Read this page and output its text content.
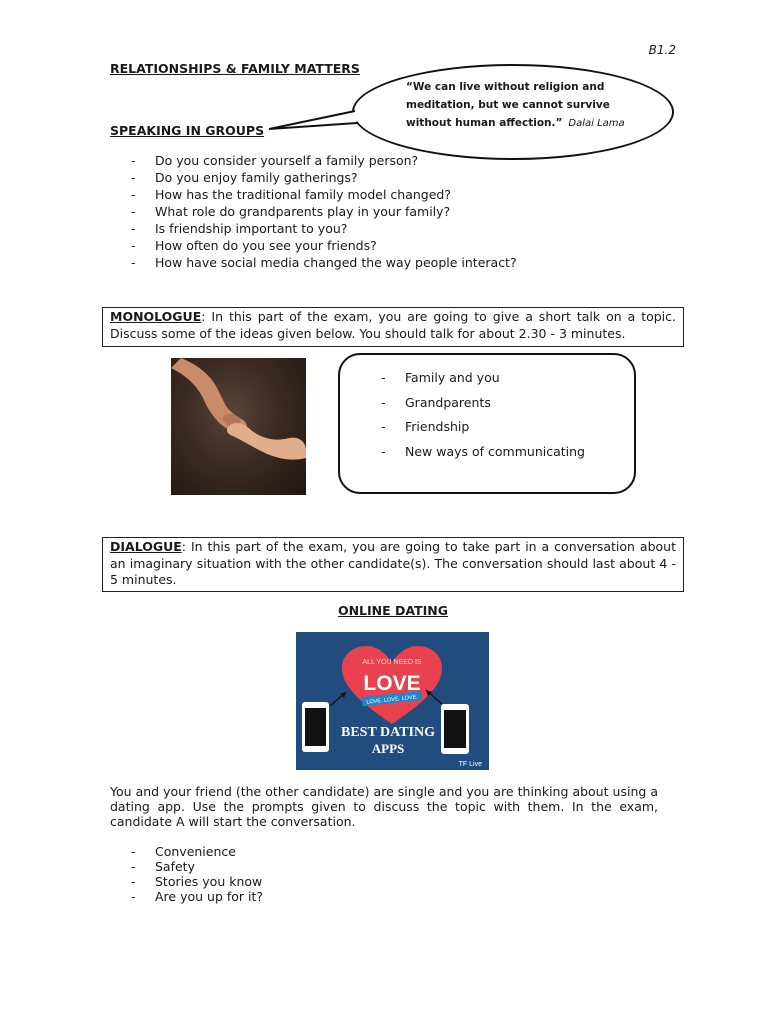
B1.2
RELATIONSHIPS & FAMILY MATTERS
“We can live without religion and meditation, but we cannot survive without human affection.” Dalai Lama
SPEAKING IN GROUPS
- Do you consider yourself a family person?
- Do you enjoy family gatherings?
- How has the traditional family model changed?
- What role do grandparents play in your family?
- Is friendship important to you?
- How often do you see your friends?
- How have social media changed the way people interact?
MONOLOGUE: In this part of the exam, you are going to give a short talk on a topic. Discuss some of the ideas given below. You should talk for about 2.30 - 3 minutes.
- Family and you
- Grandparents
- Friendship
- New ways of communicating
DIALOGUE: In this part of the exam, you are going to take part in a conversation about an imaginary situation with the other candidate(s). The conversation should last about 4 - 5 minutes.
ONLINE DATING
ALL YOU NEED IS
LOVE
LOVE. LOVE. LOVE.
BEST DATING
APPS
TF Live
You and your friend (the other candidate) are single and you are thinking about using a dating app. Use the prompts given to discuss the topic with them. In the exam, candidate A will start the conversation.
- Convenience
- Safety
- Stories you know
- Are you up for it?
